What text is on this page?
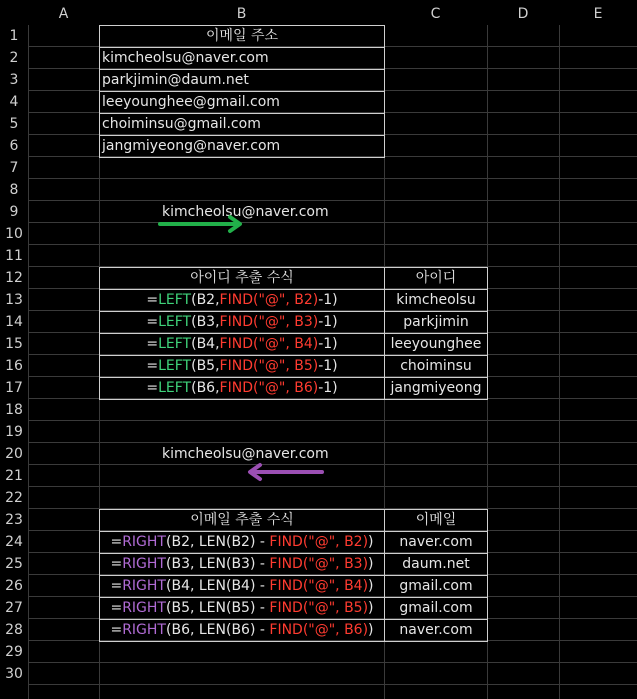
A	B	C	D	E
1
2
3
4
5
6
7
8
9
10
11
12
13
14
15
16
17
18
19
20
21
22
23
24
25
26
27
28
29
30
이메일 주소
kimcheolsu@naver.com
parkjimin@daum.net
leeyounghee@gmail.com
choiminsu@gmail.com
jangmiyeong@naver.com
kimcheolsu@naver.com
아이디 추출 수식	아이디
=LEFT(B2,FIND("@", B2)-1)	kimcheolsu
=LEFT(B3,FIND("@", B3)-1)	parkjimin
=LEFT(B4,FIND("@", B4)-1)	leeyounghee
=LEFT(B5,FIND("@", B5)-1)	choiminsu
=LEFT(B6,FIND("@", B6)-1)	jangmiyeong
kimcheolsu@naver.com
이메일 추출 수식	이메일
=RIGHT(B2, LEN(B2) - FIND("@", B2))	naver.com
=RIGHT(B3, LEN(B3) - FIND("@", B3))	daum.net
=RIGHT(B4, LEN(B4) - FIND("@", B4))	gmail.com
=RIGHT(B5, LEN(B5) - FIND("@", B5))	gmail.com
=RIGHT(B6, LEN(B6) - FIND("@", B6))	naver.com
